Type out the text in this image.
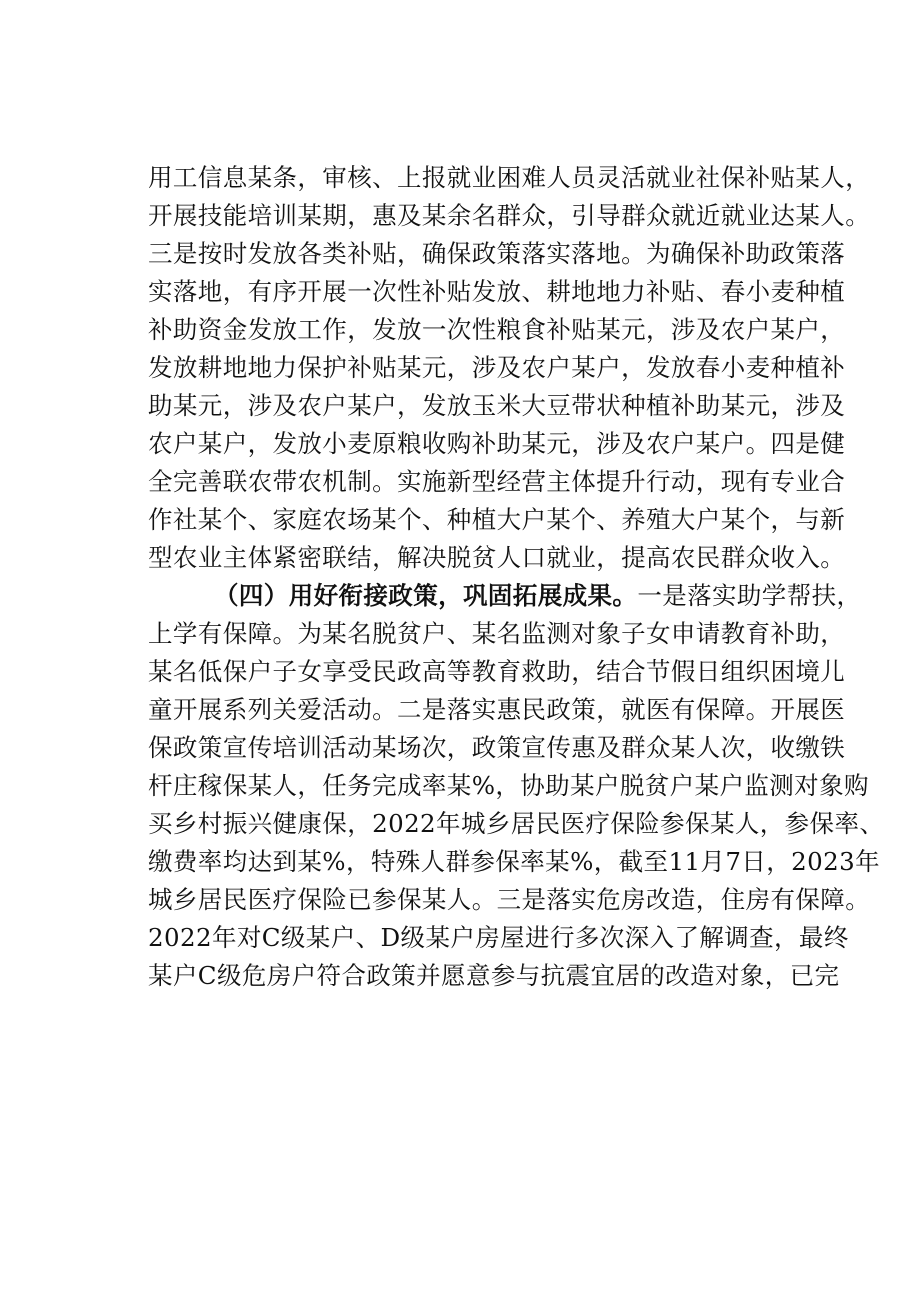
用工信息某条，审核、上报就业困难人员灵活就业社保补贴某人，
开展技能培训某期，惠及某余名群众，引导群众就近就业达某人。
三是按时发放各类补贴，确保政策落实落地。为确保补助政策落
实落地，有序开展一次性补贴发放、耕地地力补贴、春小麦种植
补助资金发放工作，发放一次性粮食补贴某元，涉及农户某户，
发放耕地地力保护补贴某元，涉及农户某户，发放春小麦种植补
助某元，涉及农户某户，发放玉米大豆带状种植补助某元，涉及
农户某户，发放小麦原粮收购补助某元，涉及农户某户。四是健
全完善联农带农机制。实施新型经营主体提升行动，现有专业合
作社某个、家庭农场某个、种植大户某个、养殖大户某个，与新
型农业主体紧密联结，解决脱贫人口就业，提高农民群众收入。
（四）用好衔接政策，巩固拓展成果。一是落实助学帮扶，
上学有保障。为某名脱贫户、某名监测对象子女申请教育补助，
某名低保户子女享受民政高等教育救助，结合节假日组织困境儿
童开展系列关爱活动。二是落实惠民政策，就医有保障。开展医
保政策宣传培训活动某场次，政策宣传惠及群众某人次，收缴铁
杆庄稼保某人，任务完成率某%，协助某户脱贫户某户监测对象购
买乡村振兴健康保，2022年城乡居民医疗保险参保某人，参保率、
缴费率均达到某%，特殊人群参保率某%，截至11月7日，2023年
城乡居民医疗保险已参保某人。三是落实危房改造，住房有保障。
2022年对C级某户、D级某户房屋进行多次深入了解调查，最终
某户C级危房户符合政策并愿意参与抗震宜居的改造对象，已完
